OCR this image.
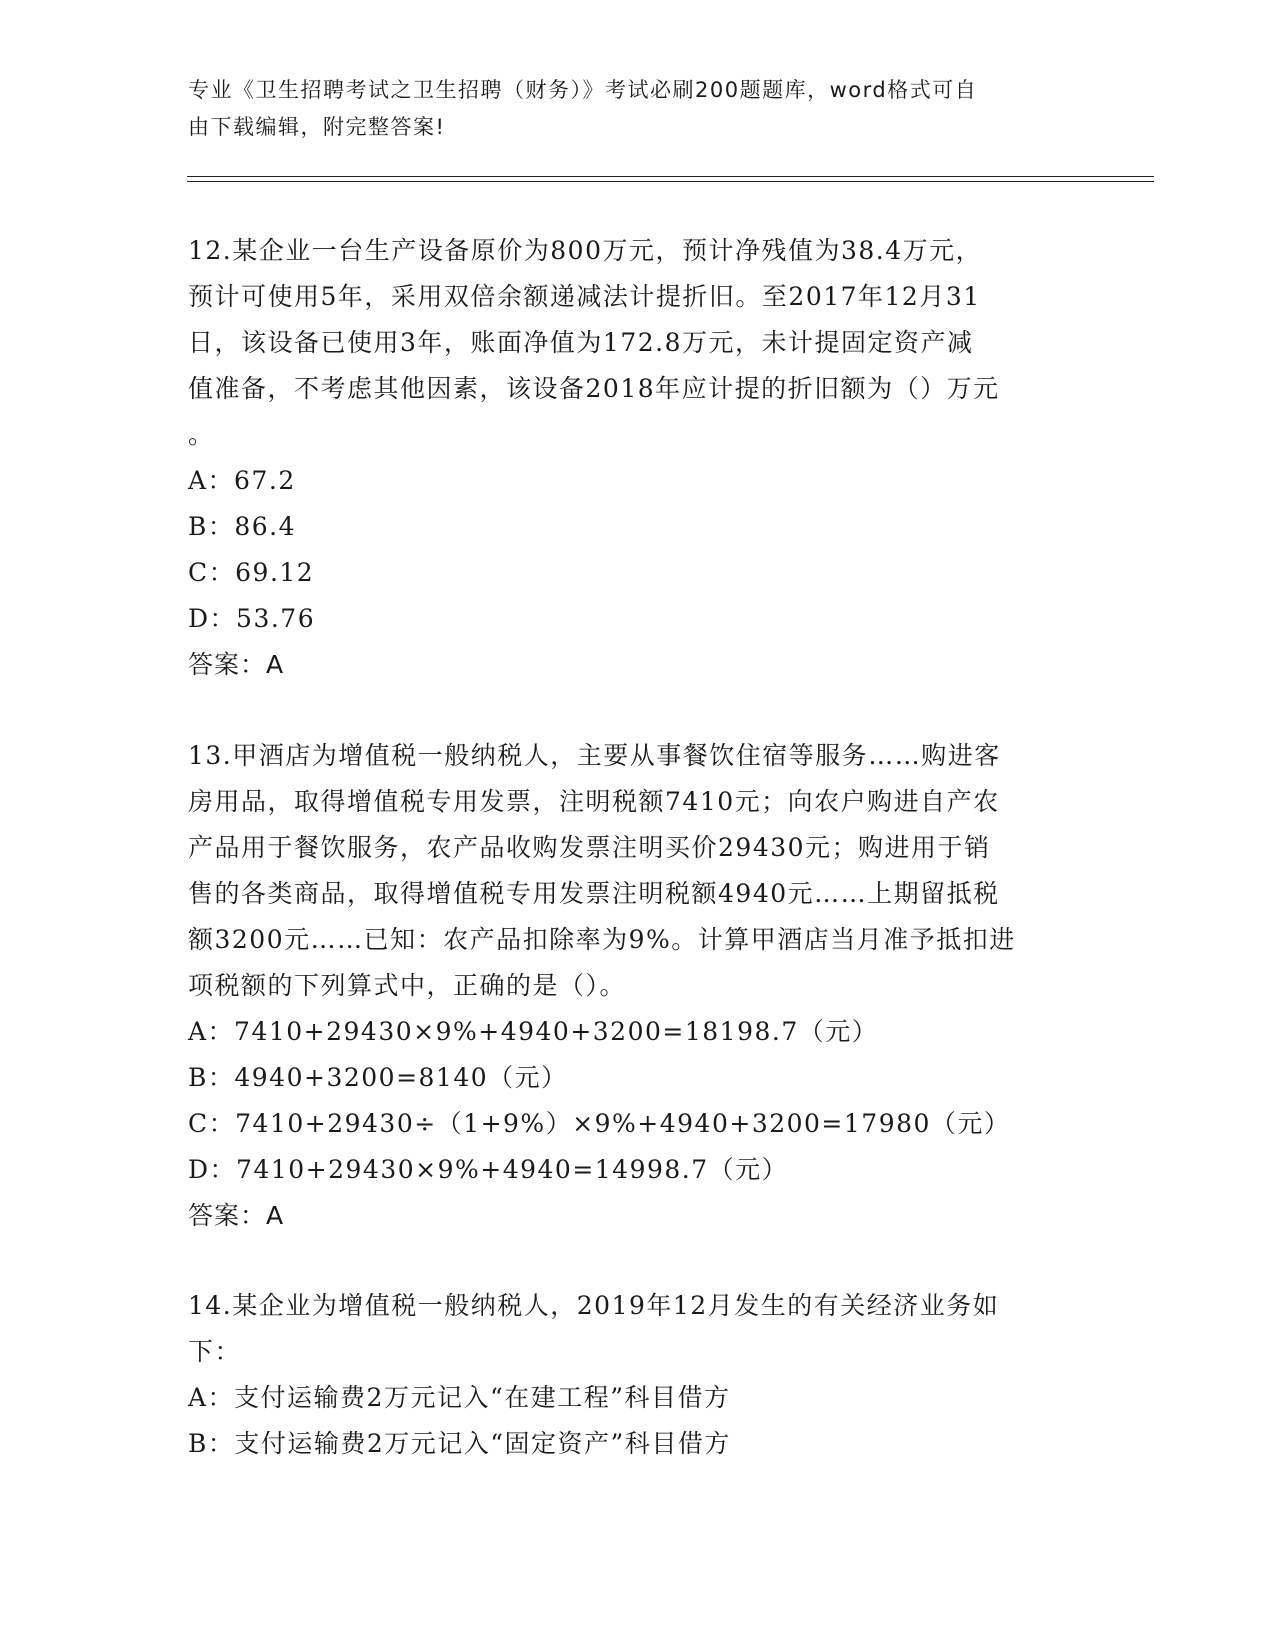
专业《卫生招聘考试之卫生招聘（财务）》考试必刷200题题库，word格式可自
由下载编辑，附完整答案!

12.某企业一台生产设备原价为800万元，预计净残值为38.4万元，

预计可使用5年，采用双倍余额递减法计提折旧。至2017年12月31

日，该设备已使用3年，账面净值为172.8万元，未计提固定资产减

值准备，不考虑其他因素，该设备2018年应计提的折旧额为（）万元

。

A：67.2

B：86.4

C：69.12

D：53.76

答案：A

13.甲酒店为增值税一般纳税人，主要从事餐饮住宿等服务……购进客

房用品，取得增值税专用发票，注明税额7410元；向农户购进自产农

产品用于餐饮服务，农产品收购发票注明买价29430元；购进用于销

售的各类商品，取得增值税专用发票注明税额4940元……上期留抵税

额3200元……已知：农产品扣除率为9%。计算甲酒店当月准予抵扣进

项税额的下列算式中，正确的是（）。

A：7410+29430×9%+4940+3200=18198.7（元）

B：4940+3200=8140（元）

C：7410+29430÷（1+9%）×9%+4940+3200=17980（元）

D：7410+29430×9%+4940=14998.7（元）

答案：A

14.某企业为增值税一般纳税人，2019年12月发生的有关经济业务如

下：

A：支付运输费2万元记入“在建工程”科目借方

B：支付运输费2万元记入“固定资产”科目借方
